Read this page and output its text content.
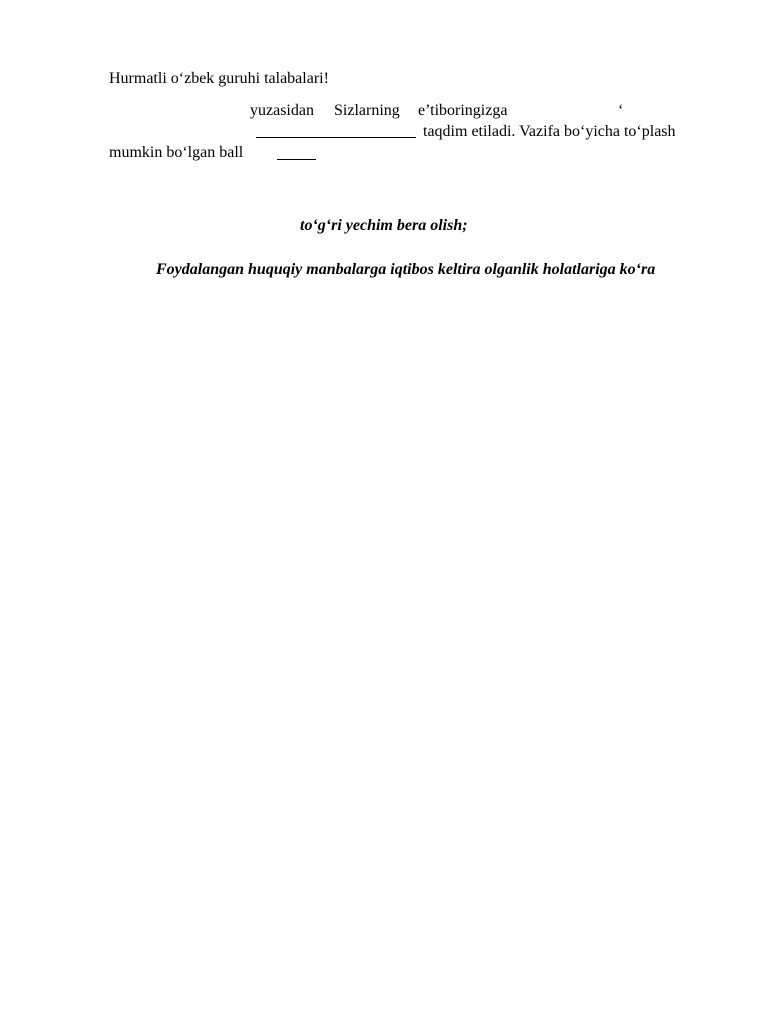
Hurmatli o‘zbek guruhi talabalari!
yuzasidan Sizlarning e’tiboringizga	‘
taqdim etiladi. Vazifa bo‘yicha to‘plash
mumkin bo‘lgan ball
to‘g‘ri yechim bera olish;
Foydalangan huquqiy manbalarga iqtibos keltira olganlik holatlariga ko‘ra
